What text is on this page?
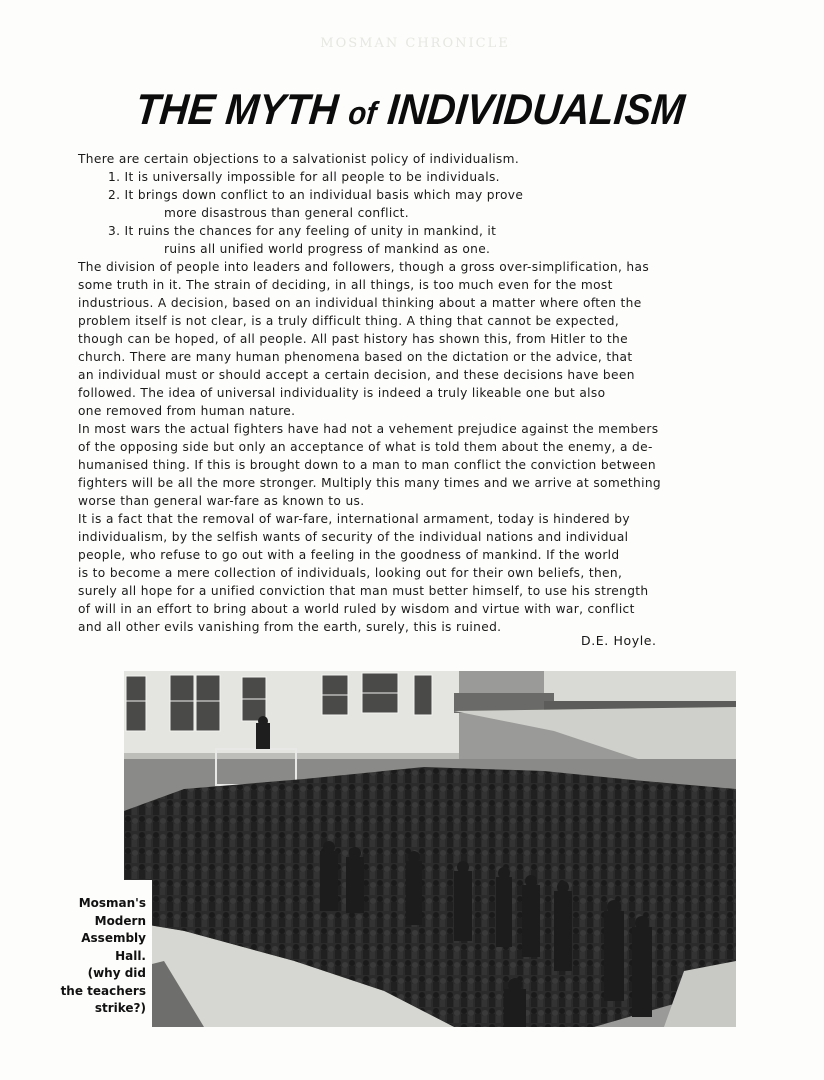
MOSMAN CHRONICLE
THE MYTH of INDIVIDUALISM
There are certain objections to a salvationist policy of individualism.
1. It is universally impossible for all people to be individuals.
2. It brings down conflict to an individual basis which may prove
more disastrous than general conflict.
3. It ruins the chances for any feeling of unity in mankind, it
ruins all unified world progress of mankind as one.
The division of people into leaders and followers, though a gross over-simplification, has
some truth in it. The strain of deciding, in all things, is too much even for the most
industrious. A decision, based on an individual thinking about a matter where often the
problem itself is not clear, is a truly difficult thing. A thing that cannot be expected,
though can be hoped, of all people. All past history has shown this, from Hitler to the
church. There are many human phenomena based on the dictation or the advice, that
an individual must or should accept a certain decision, and these decisions have been
followed. The idea of universal individuality is indeed a truly likeable one but also
one removed from human nature.
In most wars the actual fighters have had not a vehement prejudice against the members
of the opposing side but only an acceptance of what is told them about the enemy, a de-
humanised thing. If this is brought down to a man to man conflict the conviction between
fighters will be all the more stronger. Multiply this many times and we arrive at something
worse than general war-fare as known to us.
It is a fact that the removal of war-fare, international armament, today is hindered by
individualism, by the selfish wants of security of the individual nations and individual
people, who refuse to go out with a feeling in the goodness of mankind. If the world
is to become a mere collection of individuals, looking out for their own beliefs, then,
surely all hope for a unified conviction that man must better himself, to use his strength
of will in an effort to bring about a world ruled by wisdom and virtue with war, conflict
and all other evils vanishing from the earth, surely, this is ruined.
D.E. Hoyle.
Mosman's
Modern
Assembly
Hall.
(why did
the teachers
strike?)
